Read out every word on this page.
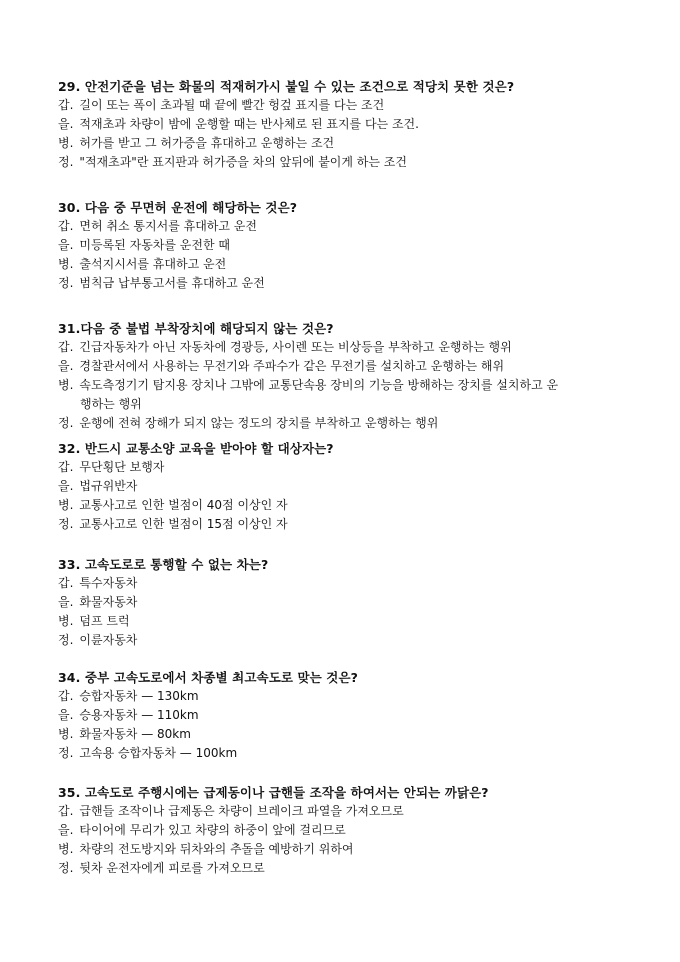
29. 안전기준을 넘는 화물의 적재허가시 붙일 수 있는 조건으로 적당치 못한 것은?
갑. 길이 또는 폭이 초과될 때 끝에 빨간 헝겊 표지를 다는 조건
을. 적재초과 차량이 밤에 운행할 때는 반사체로 된 표지를 다는 조건.
병. 허가를 받고 그 허가증을 휴대하고 운행하는 조건
정. "적재초과"란 표지판과 허가증을 차의 앞뒤에 붙이게 하는 조건
30. 다음 중 무면허 운전에 해당하는 것은?
갑. 면허 취소 통지서를 휴대하고 운전
을. 미등록된 자동차를 운전한 때
병. 출석지시서를 휴대하고 운전
정. 범칙금 납부통고서를 휴대하고 운전
31.다음 중 불법 부착장치에 해당되지 않는 것은?
갑. 긴급자동차가 아닌 자동차에 경광등, 사이렌 또는 비상등을 부착하고 운행하는 행위
을. 경찰관서에서 사용하는 무전기와 주파수가 같은 무전기를 설치하고 운행하는 해위
병. 속도측정기기 탐지용 장치나 그밖에 교통단속용 장비의 기능을 방해하는 장치를 설치하고 운
행하는 행위
정. 운행에 전혀 장해가 되지 않는 정도의 장치를 부착하고 운행하는 행위
32. 반드시 교통소양 교육을 받아야 할 대상자는?
갑. 무단횡단 보행자
을. 법규위반자
병. 교통사고로 인한 벌점이 40점 이상인 자
정. 교통사고로 인한 벌점이 15점 이상인 자
33. 고속도로로 통행할 수 없는 차는?
갑. 특수자동차
을. 화물자동차
병. 덤프 트럭
정. 이륜자동차
34. 중부 고속도로에서 차종별 최고속도로 맞는 것은?
갑. 승합자동차 — 130km
을. 승용자동차 — 110km
병. 화물자동차 — 80km
정. 고속용 승합자동차 — 100km
35. 고속도로 주행시에는 급제동이나 급핸들 조작을 하여서는 안되는 까닭은?
갑. 급핸들 조작이나 급제동은 차량이 브레이크 파열을 가져오므로
을. 타이어에 무리가 있고 차량의 하중이 앞에 걸리므로
병. 차량의 전도방지와 뒤차와의 추돌을 예방하기 위하여
정. 뒷차 운전자에게 피로를 가져오므로
